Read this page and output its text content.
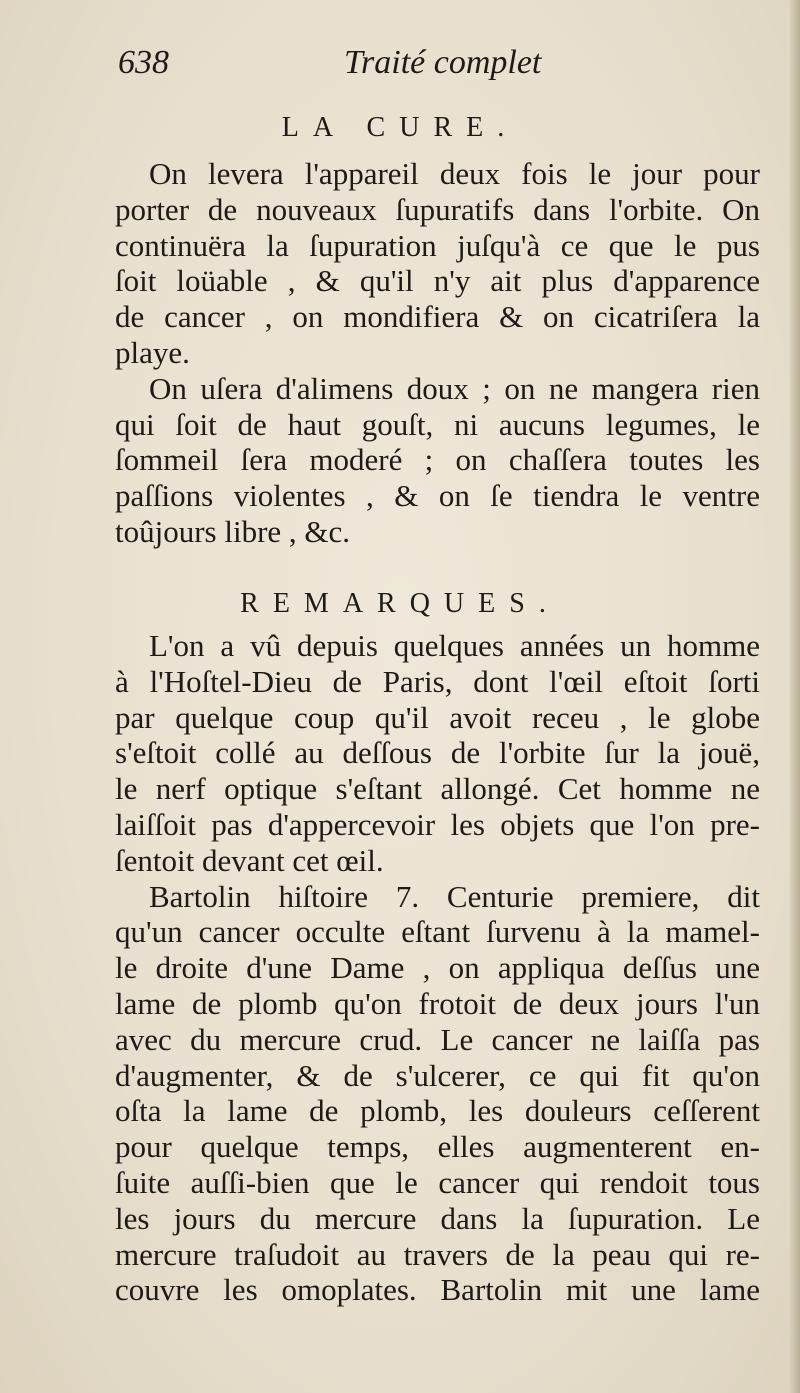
638	Traité complet
LA CURE.
On levera l'appareil deux fois le jour pour
porter de nouveaux ſupuratifs dans l'orbite. On
continuëra la ſupuration juſqu'à ce que le pus
ſoit loüable , & qu'il n'y ait plus d'apparence
de cancer , on mondifiera & on cicatriſera la
playe.
On uſera d'alimens doux ; on ne mangera rien
qui ſoit de haut gouſt, ni aucuns legumes, le
ſommeil ſera moderé ; on chaſſera toutes les
paſſions violentes , & on ſe tiendra le ventre
toûjours libre , &c.
REMARQUES.
L'on a vû depuis quelques années un homme
à l'Hoſtel-Dieu de Paris, dont l'œil eſtoit ſorti
par quelque coup qu'il avoit receu , le globe
s'eſtoit collé au deſſous de l'orbite ſur la jouë,
le nerf optique s'eſtant allongé. Cet homme ne
laiſſoit pas d'appercevoir les objets que l'on pre-
ſentoit devant cet œil.
Bartolin hiſtoire 7. Centurie premiere, dit
qu'un cancer occulte eſtant ſurvenu à la mamel-
le droite d'une Dame , on appliqua deſſus une
lame de plomb qu'on frotoit de deux jours l'un
avec du mercure crud. Le cancer ne laiſſa pas
d'augmenter, & de s'ulcerer, ce qui fit qu'on
oſta la lame de plomb, les douleurs ceſſerent
pour quelque temps, elles augmenterent en-
ſuite auſſi-bien que le cancer qui rendoit tous
les jours du mercure dans la ſupuration. Le
mercure traſudoit au travers de la peau qui re-
couvre les omoplates. Bartolin mit une lame
